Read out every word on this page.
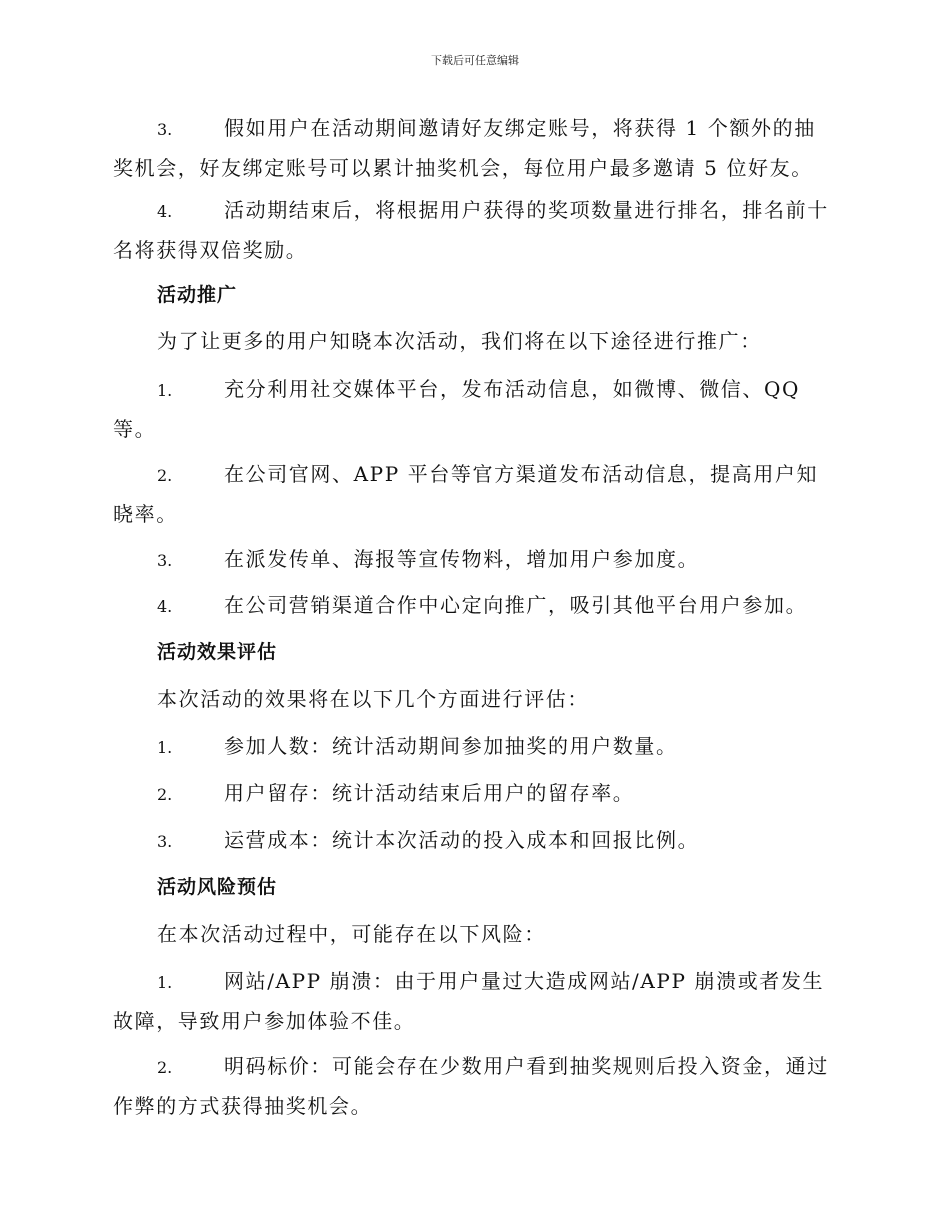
下载后可任意编辑
3.	假如用户在活动期间邀请好友绑定账号，将获得 1 个额外的抽奖机会，好友绑定账号可以累计抽奖机会，每位用户最多邀请 5 位好友。
4.	活动期结束后，将根据用户获得的奖项数量进行排名，排名前十名将获得双倍奖励。
活动推广
为了让更多的用户知晓本次活动，我们将在以下途径进行推广：
1.	充分利用社交媒体平台，发布活动信息，如微博、微信、QQ 等。
2.	在公司官网、APP 平台等官方渠道发布活动信息，提高用户知晓率。
3.	在派发传单、海报等宣传物料，增加用户参加度。
4.	在公司营销渠道合作中心定向推广，吸引其他平台用户参加。
活动效果评估
本次活动的效果将在以下几个方面进行评估：
1.	参加人数：统计活动期间参加抽奖的用户数量。
2.	用户留存：统计活动结束后用户的留存率。
3.	运营成本：统计本次活动的投入成本和回报比例。
活动风险预估
在本次活动过程中，可能存在以下风险：
1.	网站/APP 崩溃：由于用户量过大造成网站/APP 崩溃或者发生故障，导致用户参加体验不佳。
2.	明码标价：可能会存在少数用户看到抽奖规则后投入资金，通过作弊的方式获得抽奖机会。
